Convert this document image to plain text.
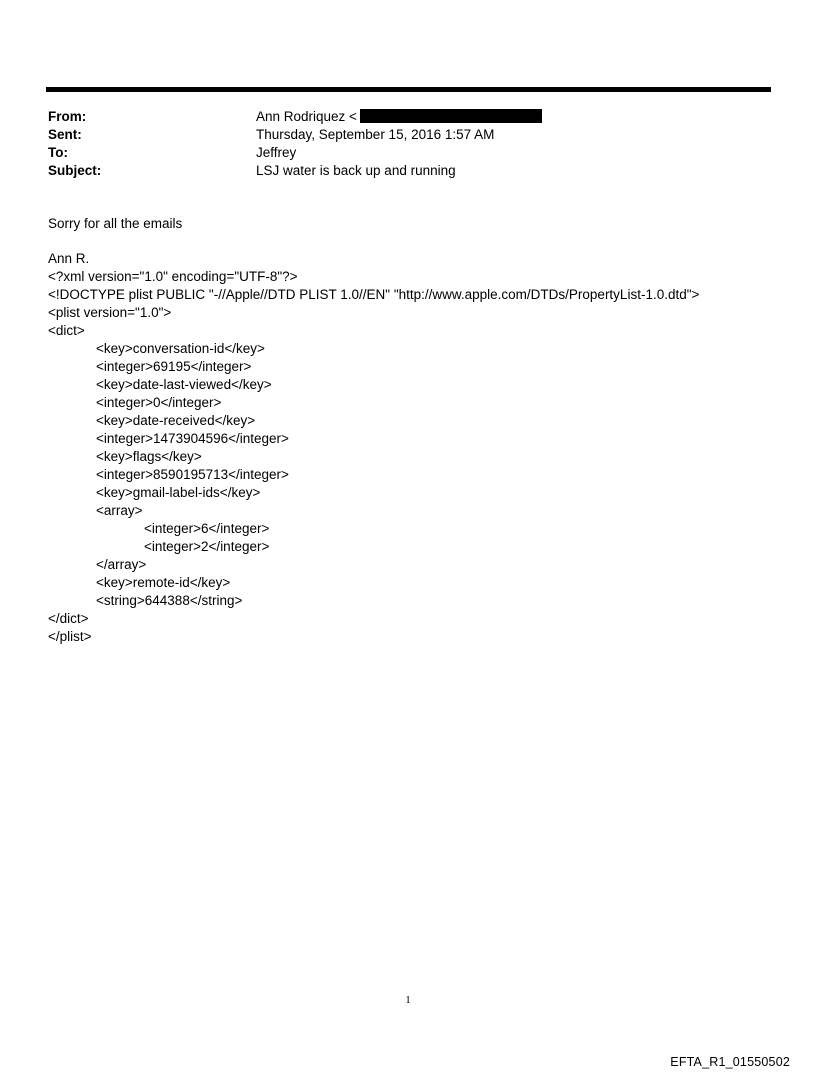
From:	Ann Rodriquez <
Sent:	Thursday, September 15, 2016 1:57 AM
To:	Jeffrey
Subject:	LSJ water is back up and running

Sorry for all the emails

Ann R.

<?xml version="1.0" encoding="UTF-8"?>
<!DOCTYPE plist PUBLIC "-//Apple//DTD PLIST 1.0//EN" "http://www.apple.com/DTDs/PropertyList-1.0.dtd">
<plist version="1.0">
<dict>
<key>conversation-id</key>
<integer>69195</integer>
<key>date-last-viewed</key>
<integer>0</integer>
<key>date-received</key>
<integer>1473904596</integer>
<key>flags</key>
<integer>8590195713</integer>
<key>gmail-label-ids</key>
<array>
<integer>6</integer>
<integer>2</integer>
</array>
<key>remote-id</key>
<string>644388</string>
</dict>
</plist>
1
EFTA_R1_01550502
